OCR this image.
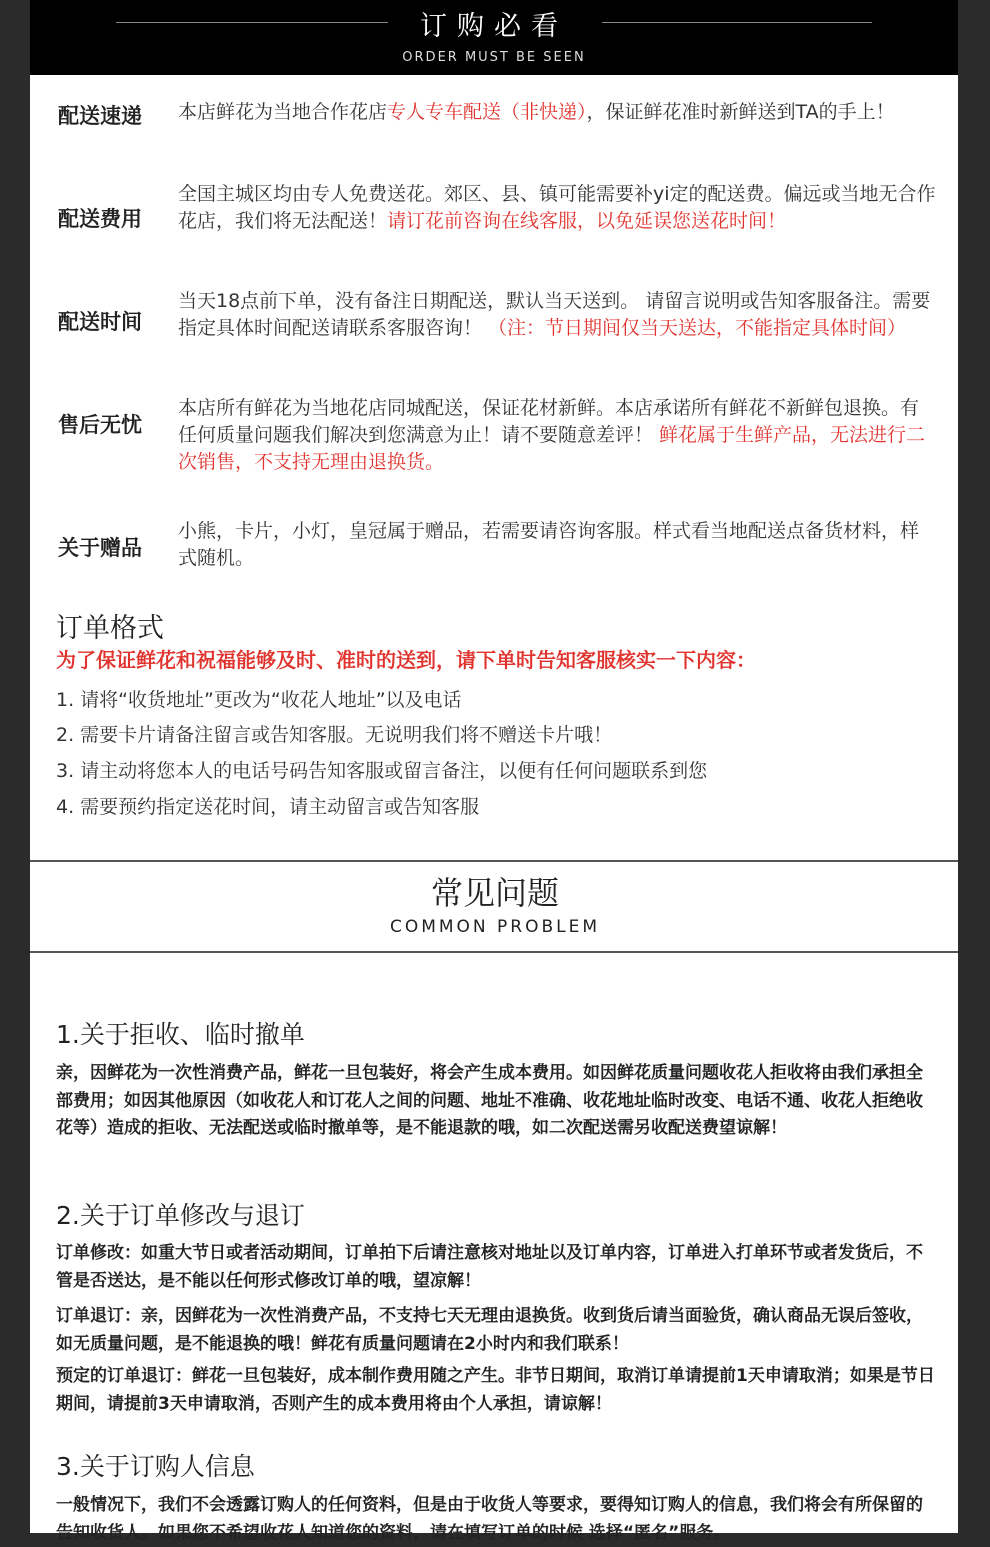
订购必看
ORDER MUST BE SEEN
配送速递	本店鲜花为当地合作花店专人专车配送（非快递），保证鲜花准时新鲜送到TA的手上！
配送费用
全国主城区均由专人免费送花。郊区、县、镇可能需要补yi定的配送费。偏远或当地无合作花店，我们将无法配送！请订花前咨询在线客服，以免延误您送花时间！
配送时间
当天18点前下单，没有备注日期配送，默认当天送到。 请留言说明或告知客服备注。需要指定具体时间配送请联系客服咨询！ （注：节日期间仅当天送达，不能指定具体时间）
售后无忧
本店所有鲜花为当地花店同城配送，保证花材新鲜。本店承诺所有鲜花不新鲜包退换。有任何质量问题我们解决到您满意为止！请不要随意差评！ 鲜花属于生鲜产品，无法进行二次销售，不支持无理由退换货。
关于赠品
小熊，卡片，小灯，皇冠属于赠品，若需要请咨询客服。样式看当地配送点备货材料，样式随机。
订单格式
为了保证鲜花和祝福能够及时、准时的送到，请下单时告知客服核实一下内容：
1. 请将“收货地址”更改为“收花人地址”以及电话
2. 需要卡片请备注留言或告知客服。无说明我们将不赠送卡片哦！
3. 请主动将您本人的电话号码告知客服或留言备注，以便有任何问题联系到您
4. 需要预约指定送花时间，请主动留言或告知客服
常见问题
COMMON PROBLEM
1.关于拒收、临时撤单
亲，因鲜花为一次性消费产品，鲜花一旦包装好，将会产生成本费用。如因鲜花质量问题收花人拒收将由我们承担全部费用；如因其他原因（如收花人和订花人之间的问题、地址不准确、收花地址临时改变、电话不通、收花人拒绝收花等）造成的拒收、无法配送或临时撤单等，是不能退款的哦，如二次配送需另收配送费望谅解！
2.关于订单修改与退订
订单修改：如重大节日或者活动期间，订单拍下后请注意核对地址以及订单内容，订单进入打单环节或者发货后，不管是否送达，是不能以任何形式修改订单的哦，望凉解！
订单退订：亲，因鲜花为一次性消费产品，不支持七天无理由退换货。收到货后请当面验货，确认商品无误后签收，如无质量问题，是不能退换的哦！鲜花有质量问题请在2小时内和我们联系！
预定的订单退订：鲜花一旦包装好，成本制作费用随之产生。非节日期间，取消订单请提前1天申请取消；如果是节日期间，请提前3天申请取消，否则产生的成本费用将由个人承担，请谅解！
3.关于订购人信息
一般情况下，我们不会透露订购人的任何资料，但是由于收货人等要求，要得知订购人的信息，我们将会有所保留的告知收货人。如果您不希望收花人知道您的资料，请在填写订单的时候 选择“匿名”服务。
